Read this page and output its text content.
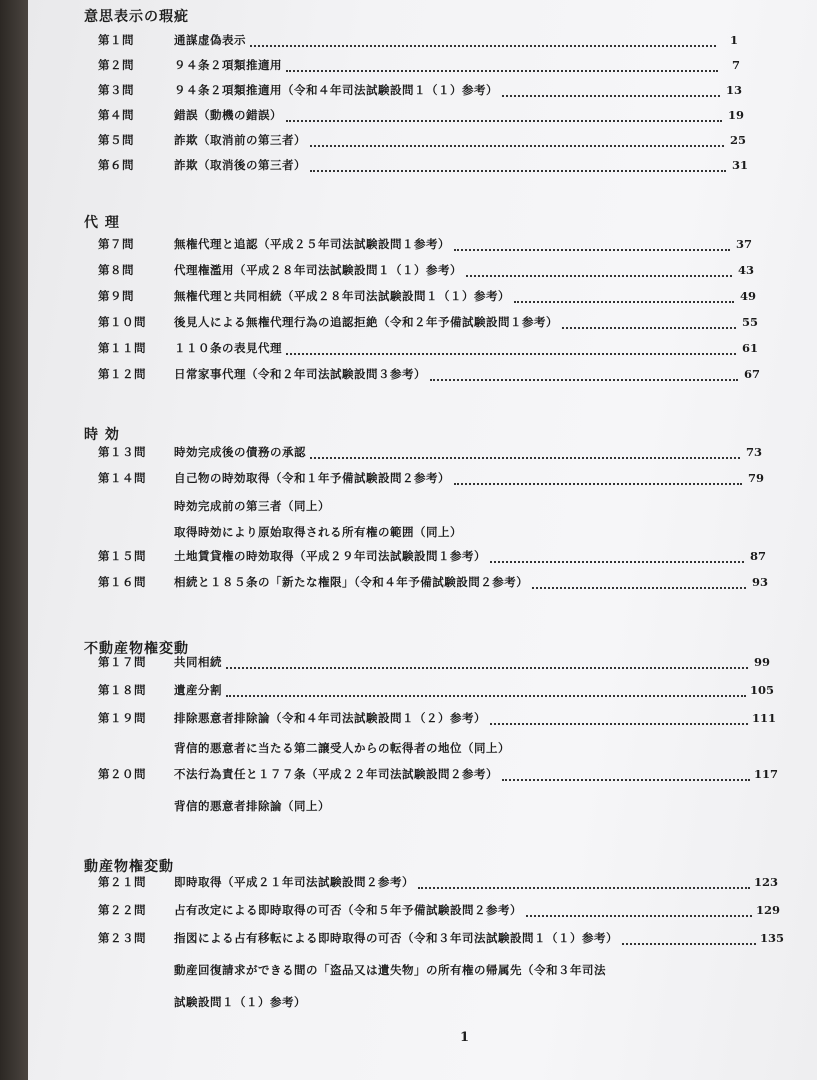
意思表示の瑕疵
第１問	通謀虚偽表示	1
第２問	９４条２項類推適用	7
第３問	９４条２項類推適用（令和４年司法試験設問１（１）参考）	13
第４問	錯誤（動機の錯誤）	19
第５問	詐欺（取消前の第三者）	25
第６問	詐欺（取消後の第三者）	31
代 理
第７問	無権代理と追認（平成２５年司法試験設問１参考）	37
第８問	代理権濫用（平成２８年司法試験設問１（１）参考）	43
第９問	無権代理と共同相続（平成２８年司法試験設問１（１）参考）	49
第１０問	後見人による無権代理行為の追認拒絶（令和２年予備試験設問１参考）	55
第１１問	１１０条の表見代理	61
第１２問	日常家事代理（令和２年司法試験設問３参考）	67
時 効
第１３問	時効完成後の債務の承認	73
第１４問	自己物の時効取得（令和１年予備試験設問２参考）	79
時効完成前の第三者（同上）
取得時効により原始取得される所有権の範囲（同上）
第１５問	土地賃貸権の時効取得（平成２９年司法試験設問１参考）	87
第１６問	相続と１８５条の「新たな権限」（令和４年予備試験設問２参考）	93
不動産物権変動
第１７問	共同相続	99
第１８問	遺産分割	105
第１９問	排除悪意者排除論（令和４年司法試験設問１（２）参考）	111
背信的悪意者に当たる第二譲受人からの転得者の地位（同上）
第２０問	不法行為責任と１７７条（平成２２年司法試験設問２参考）	117
背信的悪意者排除論（同上）
動産物権変動
第２１問	即時取得（平成２１年司法試験設問２参考）	123
第２２問	占有改定による即時取得の可否（令和５年予備試験設問２参考）	129
第２３問	指図による占有移転による即時取得の可否（令和３年司法試験設問１（１）参考）	135
動産回復請求ができる間の「盗品又は遺失物」の所有権の帰属先（令和３年司法
試験設問１（１）参考）
1
